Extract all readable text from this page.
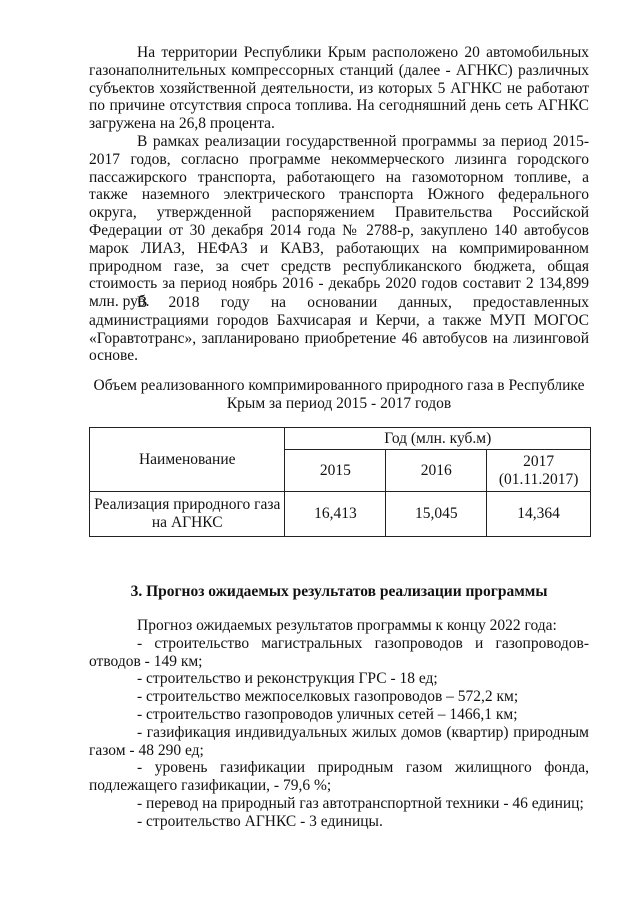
На территории Республики Крым расположено 20 автомобильных газонаполнительных компрессорных станций (далее - АГНКС) различных субъектов хозяйственной деятельности, из которых 5 АГНКС не работают по причине отсутствия спроса топлива. На сегодняшний день сеть АГНКС загружена на 26,8 процента.

В рамках реализации государственной программы за период 2015-2017 годов, согласно программе некоммерческого лизинга городского пассажирского транспорта, работающего на газомоторном топливе, а также наземного электрического транспорта Южного федерального округа, утвержденной распоряжением Правительства Российской Федерации от 30 декабря 2014 года № 2788-р, закуплено 140 автобусов марок ЛИАЗ, НЕФАЗ и КАВЗ, работающих на компримированном природном газе, за счет средств республиканского бюджета, общая стоимость за период ноябрь 2016 - декабрь 2020 годов составит 2 134,899 млн. руб.

В 2018 году на основании данных, предоставленных администрациями городов Бахчисарая и Керчи, а также МУП МОГОС «Горавтотранс», запланировано приобретение 46 автобусов на лизинговой основе.

Объем реализованного компримированного природного газа в Республике Крым за период 2015 - 2017 годов

Наименование	Год (млн. куб.м)		
	2015	2016	2017
(01.11.2017)
Реализация природного газа на АГНКС	16,413	15,045	14,364

3. Прогноз ожидаемых результатов реализации программы

Прогноз ожидаемых результатов программы к концу 2022 года:

- строительство магистральных газопроводов и газопроводов-отводов - 149 км;

- строительство и реконструкция ГРС - 18 ед;

- строительство межпоселковых газопроводов – 572,2 км;

- строительство газопроводов уличных сетей – 1466,1 км;

- газификация индивидуальных жилых домов (квартир) природным газом - 48 290 ед;

- уровень газификации природным газом жилищного фонда, подлежащего газификации, - 79,6 %;

- перевод на природный газ автотранспортной техники - 46 единиц;

- строительство АГНКС - 3 единицы.
